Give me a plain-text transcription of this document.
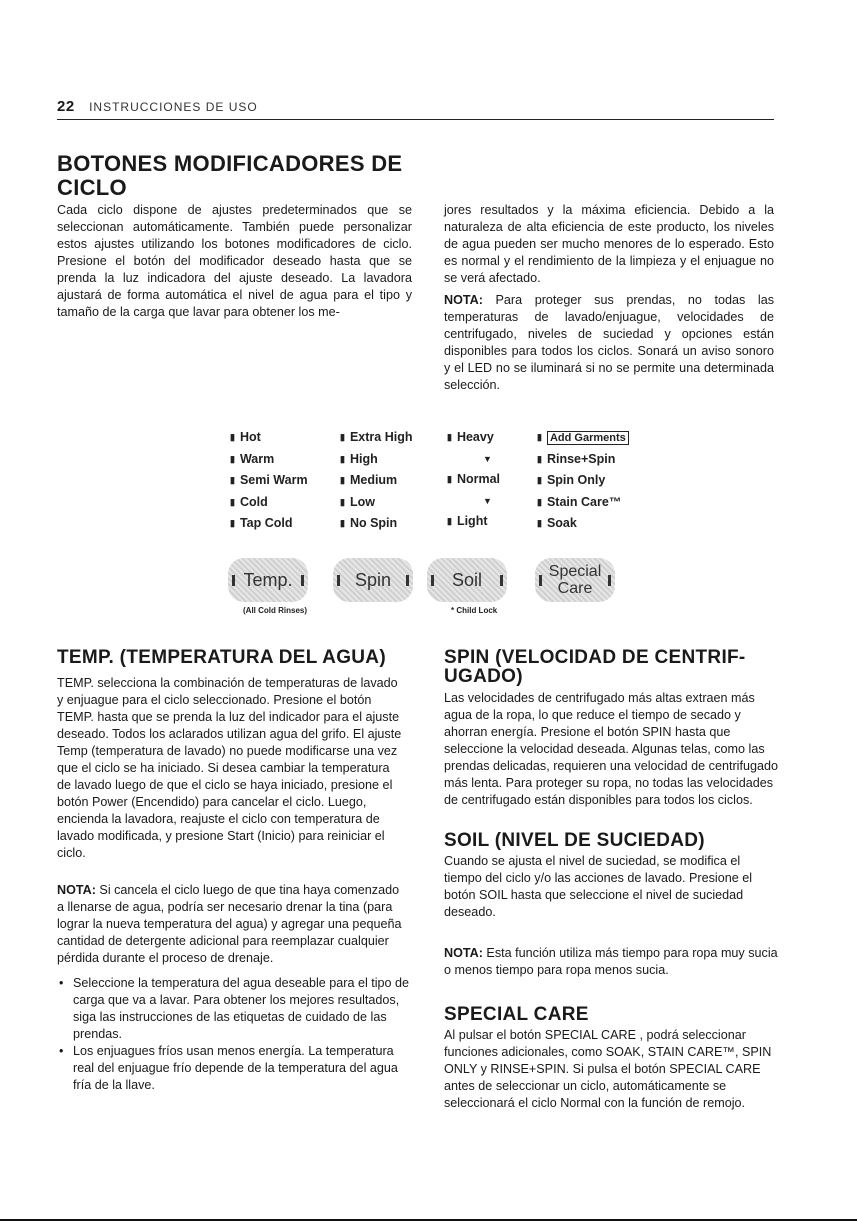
22 INSTRUCCIONES DE USO
BOTONES MODIFICADORES DE
CICLO

Cada ciclo dispone de ajustes predeterminados que se seleccionan automáticamente. También puede personalizar estos ajustes utilizando los botones modificadores de ciclo. Presione el botón del modificador deseado hasta que se prenda la luz indicadora del ajuste deseado. La lavadora ajustará de forma automática el nivel de agua para el tipo y tamaño de la carga que lavar para obtener los me-

jores resultados y la máxima eficiencia. Debido a la naturaleza de alta eficiencia de este producto, los niveles de agua pueden ser mucho menores de lo esperado. Esto es normal y el rendimiento de la limpieza y el enjuague no se verá afectado.

NOTA: Para proteger sus prendas, no todas las temperaturas de lavado/enjuague, velocidades de centrifugado, niveles de suciedad y opciones están disponibles para todos los ciclos. Sonará un aviso sonoro y el LED no se iluminará si no se permite una determinada selección.

▮ Hot
▮ Warm
▮ Semi Warm
▮ Cold
▮ Tap Cold
▮ Extra High
▮ High
▮ Medium
▮ Low
▮ No Spin
▮ Heavy
▼
▮ Normal
▼
▮ Light
▮ Add Garments
▮ Rinse+Spin
▮ Spin Only
▮ Stain Care™
▮ Soak
Temp.	Spin	Soil	Special Care
(All Cold Rinses)	* Child Lock
TEMP. (TEMPERATURA DEL AGUA)

TEMP. selecciona la combinación de temperaturas de lavado y enjuague para el ciclo seleccionado. Presione el botón TEMP. hasta que se prenda la luz del indicador para el ajuste deseado. Todos los aclarados utilizan agua del grifo. El ajuste Temp (temperatura de lavado) no puede modificarse una vez que el ciclo se ha iniciado. Si desea cambiar la temperatura de lavado luego de que el ciclo se haya iniciado, presione el botón Power (Encendido) para cancelar el ciclo. Luego, encienda la lavadora, reajuste el ciclo con temperatura de lavado modificada, y presione Start (Inicio) para reiniciar el ciclo.

NOTA: Si cancela el ciclo luego de que tina haya comenzado a llenarse de agua, podría ser necesario drenar la tina (para lograr la nueva temperatura del agua) y agregar una pequeña cantidad de detergente adicional para reemplazar cualquier pérdida durante el proceso de drenaje.

• Seleccione la temperatura del agua deseable para el tipo de carga que va a lavar. Para obtener los mejores resultados, siga las instrucciones de las etiquetas de cuidado de las prendas.
• Los enjuagues fríos usan menos energía. La temperatura real del enjuague frío depende de la temperatura del agua fría de la llave.
SPIN (VELOCIDAD DE CENTRIF-
UGADO)

Las velocidades de centrifugado más altas extraen más agua de la ropa, lo que reduce el tiempo de secado y ahorran energía. Presione el botón SPIN hasta que seleccione la velocidad deseada. Algunas telas, como las prendas delicadas, requieren una velocidad de centrifugado más lenta. Para proteger su ropa, no todas las velocidades de centrifugado están disponibles para todos los ciclos.

SOIL (NIVEL DE SUCIEDAD)

Cuando se ajusta el nivel de suciedad, se modifica el tiempo del ciclo y/o las acciones de lavado. Presione el botón SOIL hasta que seleccione el nivel de suciedad deseado.

NOTA: Esta función utiliza más tiempo para ropa muy sucia o menos tiempo para ropa menos sucia.

SPECIAL CARE

Al pulsar el botón SPECIAL CARE , podrá seleccionar funciones adicionales, como SOAK, STAIN CARE™, SPIN ONLY y RINSE+SPIN. Si pulsa el botón SPECIAL CARE antes de seleccionar un ciclo, automáticamente se seleccionará el ciclo Normal con la función de remojo.
